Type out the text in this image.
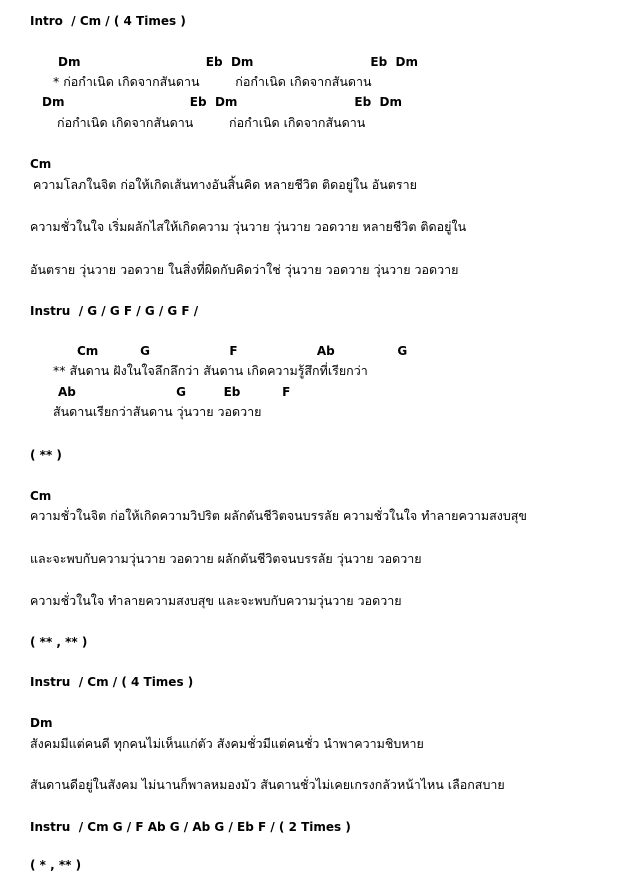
Intro  / Cm / ( 4 Times )
Dm                              Eb  Dm                            Eb  Dm
* ก่อกำเนิด เกิดจากสันดาน         ก่อกำเนิด เกิดจากสันดาน
Dm                              Eb  Dm                            Eb  Dm
ก่อกำเนิด เกิดจากสันดาน         ก่อกำเนิด เกิดจากสันดาน
Cm
ความโลภในจิต ก่อให้เกิดเส้นทางอันสิ้นคิด หลายชีวิต ติดอยู่ใน อันตราย
ความชั่วในใจ เริ่มผลักไสให้เกิดความ วุ่นวาย วุ่นวาย วอดวาย หลายชีวิต ติดอยู่ใน
อันตราย วุ่นวาย วอดวาย ในสิ่งที่ผิดกับคิดว่าใช่ วุ่นวาย วอดวาย วุ่นวาย วอดวาย
Instru  / G / G F / G / G F /
Cm          G                   F                   Ab               G
** สันดาน ฝังในใจลึกลึกว่า สันดาน เกิดความรู้สึกที่เรียกว่า
Ab                        G         Eb          F
สันดานเรียกว่าสันดาน วุ่นวาย วอดวาย
( ** )
Cm
ความชั่วในจิต ก่อให้เกิดความวิปริต ผลักดันชีวิตจนบรรลัย ความชั่วในใจ ทำลายความสงบสุข
และจะพบกับความวุ่นวาย วอดวาย ผลักดันชีวิตจนบรรลัย วุ่นวาย วอดวาย
ความชั่วในใจ ทำลายความสงบสุข และจะพบกับความวุ่นวาย วอดวาย
( ** , ** )
Instru  / Cm / ( 4 Times )
Dm
สังคมมีแต่คนดี ทุกคนไม่เห็นแก่ตัว สังคมชั่วมีแต่คนชั่ว นำพาความชิบหาย
สันดานดีอยู่ในสังคม ไม่นานก็พาลหมองมัว สันดานชั่วไม่เคยเกรงกลัวหน้าไหน เลือกสบาย
Instru  / Cm G / F Ab G / Ab G / Eb F / ( 2 Times )
( * , ** )
